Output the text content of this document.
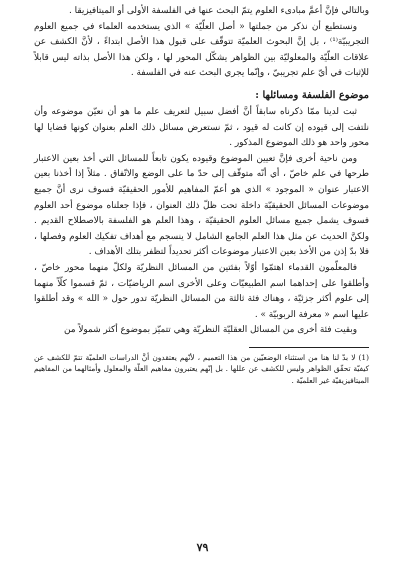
وبالتالي فإنَّ أعمَّ مبادىء العلوم يتمّ البحث عنها في الفلسفة الأولى أو الميتافيزيقا .

ونستطيع أن نذكر من جملتها « أصل العلّيّة » الذي يستخدمه العلماء في جميع العلوم التجريبيّة⁽¹⁾ ، بل إنَّ البحوث العلميّة تتوقّف على قبول هذا الأصل ابتداءً ، لأنَّ الكشف عن علاقات العلّيّة والمعلوليّة بين الظواهر يشكّل المحور لها ، ولكن هذا الأصل بذاته ليس قابلاً للإثبات في أيّ علم تجريبيّ ، وإنّما يجري البحث عنه في الفلسفة .

موضوع الفلسفة ومسائلها :

ثبت لدينا ممّا ذكرناه سابقاً أنَّ أفضل سبيل لتعريف علم ما هو أن نعيّن موضوعه وأن نلتفت إلى قيوده إن كانت له قيود ، ثمّ نستعرض مسائل ذلك العلم بعنوان كونها قضايا لها محور واحد هو ذلك الموضوع المذكور .

ومن ناحية أخرى فإنَّ تعيين الموضوع وقيوده يكون تابعاً للمسائل التي أخذ بعين الاعتبار طرحها في علم خاصّ ، أي أنّه متوقّف إلى حدّ ما على الوضع والاتّفاق . مثلاً إذا أخذنا بعين الاعتبار عنوان « الموجود » الذي هو أعمّ المفاهيم للأمور الحقيقيّة فسوف نرى أنَّ جميع موضوعات المسائل الحقيقيّة داخلة تحت ظلّ ذلك العنوان ، فإذا جعلناه موضوع أحد العلوم فسوف يشمل جميع مسائل العلوم الحقيقيّة ، وهذا العلم هو الفلسفة بالاصطلاح القديم . ولكنَّ الحديث عن مثل هذا العلم الجامع الشامل لا ينسجم مع أهداف تفكيك العلوم وفصلها ، فلا بدّ إذن من الأخذ بعين الاعتبار موضوعات أكثر تحديداً لتظفر بتلك الأهداف .

فالمعلّمون القدماء اهتمّوا أوّلاً بفئتين من المسائل النظريّة ولكلّ منهما محور خاصّ ، وأطلقوا على إحداهما اسم الطبيعيّات وعلى الأخرى اسم الرياضيّات ، ثمّ قسموا كلّاً منهما إلى علوم أكثر جزئيّة ، وهناك فئة ثالثة من المسائل النظريّة تدور حول « الله » وقد أطلقوا عليها اسم « معرفة الربوبيّة » .

وبقيت فئة أخرى من المسائل العقليّة النظريّة وهي تتميّز بموضوع أكثر شمولاً من

(1) لا بدّ لنا هنا من استثناء الوضعيّين من هذا التعميم ، لأنّهم يعتقدون أنَّ الدراسات العلميّة تتمّ للكشف عن كيفيّة تحقّق الظواهر وليس للكشف عن عللها . بل إنّهم يعتبرون مفاهيم العلّة والمعلول وأمثالهما من المفاهيم الميتافيزيقيّة غير العلميّة .

٧٩
